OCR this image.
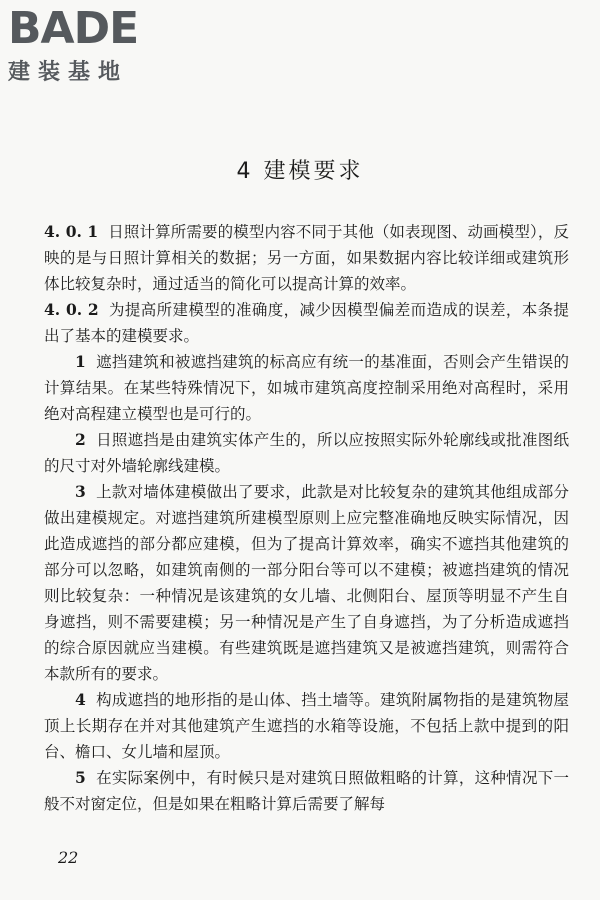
BADE
建装基地
4 建模要求

4. 0. 1 日照计算所需要的模型内容不同于其他（如表现图、动画模型），反映的是与日照计算相关的数据；另一方面，如果数据内容比较详细或建筑形体比较复杂时，通过适当的简化可以提高计算的效率。

4. 0. 2 为提高所建模型的准确度，减少因模型偏差而造成的误差，本条提出了基本的建模要求。

1 遮挡建筑和被遮挡建筑的标高应有统一的基准面，否则会产生错误的计算结果。在某些特殊情况下，如城市建筑高度控制采用绝对高程时，采用绝对高程建立模型也是可行的。

2 日照遮挡是由建筑实体产生的，所以应按照实际外轮廓线或批准图纸的尺寸对外墙轮廓线建模。

3 上款对墙体建模做出了要求，此款是对比较复杂的建筑其他组成部分做出建模规定。对遮挡建筑所建模型原则上应完整准确地反映实际情况，因此造成遮挡的部分都应建模，但为了提高计算效率，确实不遮挡其他建筑的部分可以忽略，如建筑南侧的一部分阳台等可以不建模；被遮挡建筑的情况则比较复杂：一种情况是该建筑的女儿墙、北侧阳台、屋顶等明显不产生自身遮挡，则不需要建模；另一种情况是产生了自身遮挡，为了分析造成遮挡的综合原因就应当建模。有些建筑既是遮挡建筑又是被遮挡建筑，则需符合本款所有的要求。

4 构成遮挡的地形指的是山体、挡土墙等。建筑附属物指的是建筑物屋顶上长期存在并对其他建筑产生遮挡的水箱等设施，不包括上款中提到的阳台、檐口、女儿墙和屋顶。

5 在实际案例中，有时候只是对建筑日照做粗略的计算，这种情况下一般不对窗定位，但是如果在粗略计算后需要了解每

22
